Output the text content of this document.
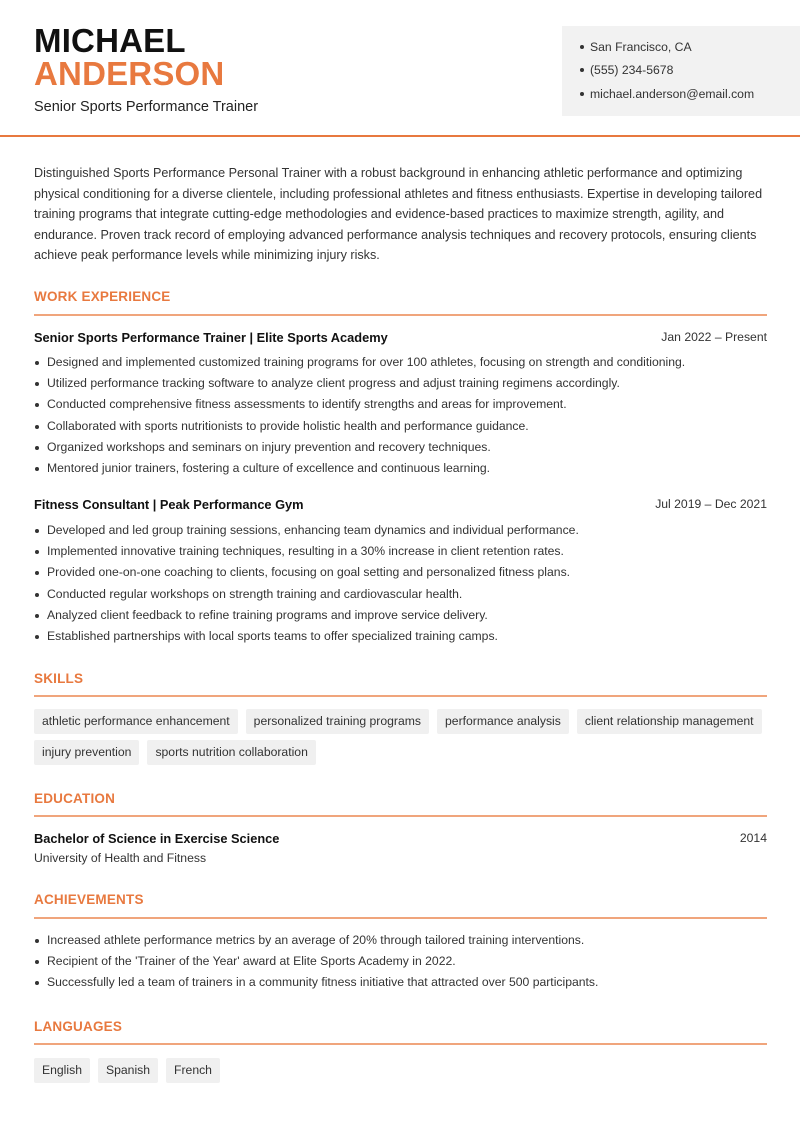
MICHAEL
ANDERSON
Senior Sports Performance Trainer
San Francisco, CA
(555) 234-5678
michael.anderson@email.com
Distinguished Sports Performance Personal Trainer with a robust background in enhancing athletic performance and optimizing physical conditioning for a diverse clientele, including professional athletes and fitness enthusiasts. Expertise in developing tailored training programs that integrate cutting-edge methodologies and evidence-based practices to maximize strength, agility, and endurance. Proven track record of employing advanced performance analysis techniques and recovery protocols, ensuring clients achieve peak performance levels while minimizing injury risks.
WORK EXPERIENCE
Senior Sports Performance Trainer | Elite Sports Academy	Jan 2022 – Present
Designed and implemented customized training programs for over 100 athletes, focusing on strength and conditioning.
Utilized performance tracking software to analyze client progress and adjust training regimens accordingly.
Conducted comprehensive fitness assessments to identify strengths and areas for improvement.
Collaborated with sports nutritionists to provide holistic health and performance guidance.
Organized workshops and seminars on injury prevention and recovery techniques.
Mentored junior trainers, fostering a culture of excellence and continuous learning.
Fitness Consultant | Peak Performance Gym	Jul 2019 – Dec 2021
Developed and led group training sessions, enhancing team dynamics and individual performance.
Implemented innovative training techniques, resulting in a 30% increase in client retention rates.
Provided one-on-one coaching to clients, focusing on goal setting and personalized fitness plans.
Conducted regular workshops on strength training and cardiovascular health.
Analyzed client feedback to refine training programs and improve service delivery.
Established partnerships with local sports teams to offer specialized training camps.
SKILLS
athletic performance enhancement	personalized training programs	performance analysis	client relationship management
injury prevention	sports nutrition collaboration
EDUCATION
Bachelor of Science in Exercise Science	2014
University of Health and Fitness
ACHIEVEMENTS
Increased athlete performance metrics by an average of 20% through tailored training interventions.
Recipient of the 'Trainer of the Year' award at Elite Sports Academy in 2022.
Successfully led a team of trainers in a community fitness initiative that attracted over 500 participants.
LANGUAGES
English	Spanish	French
